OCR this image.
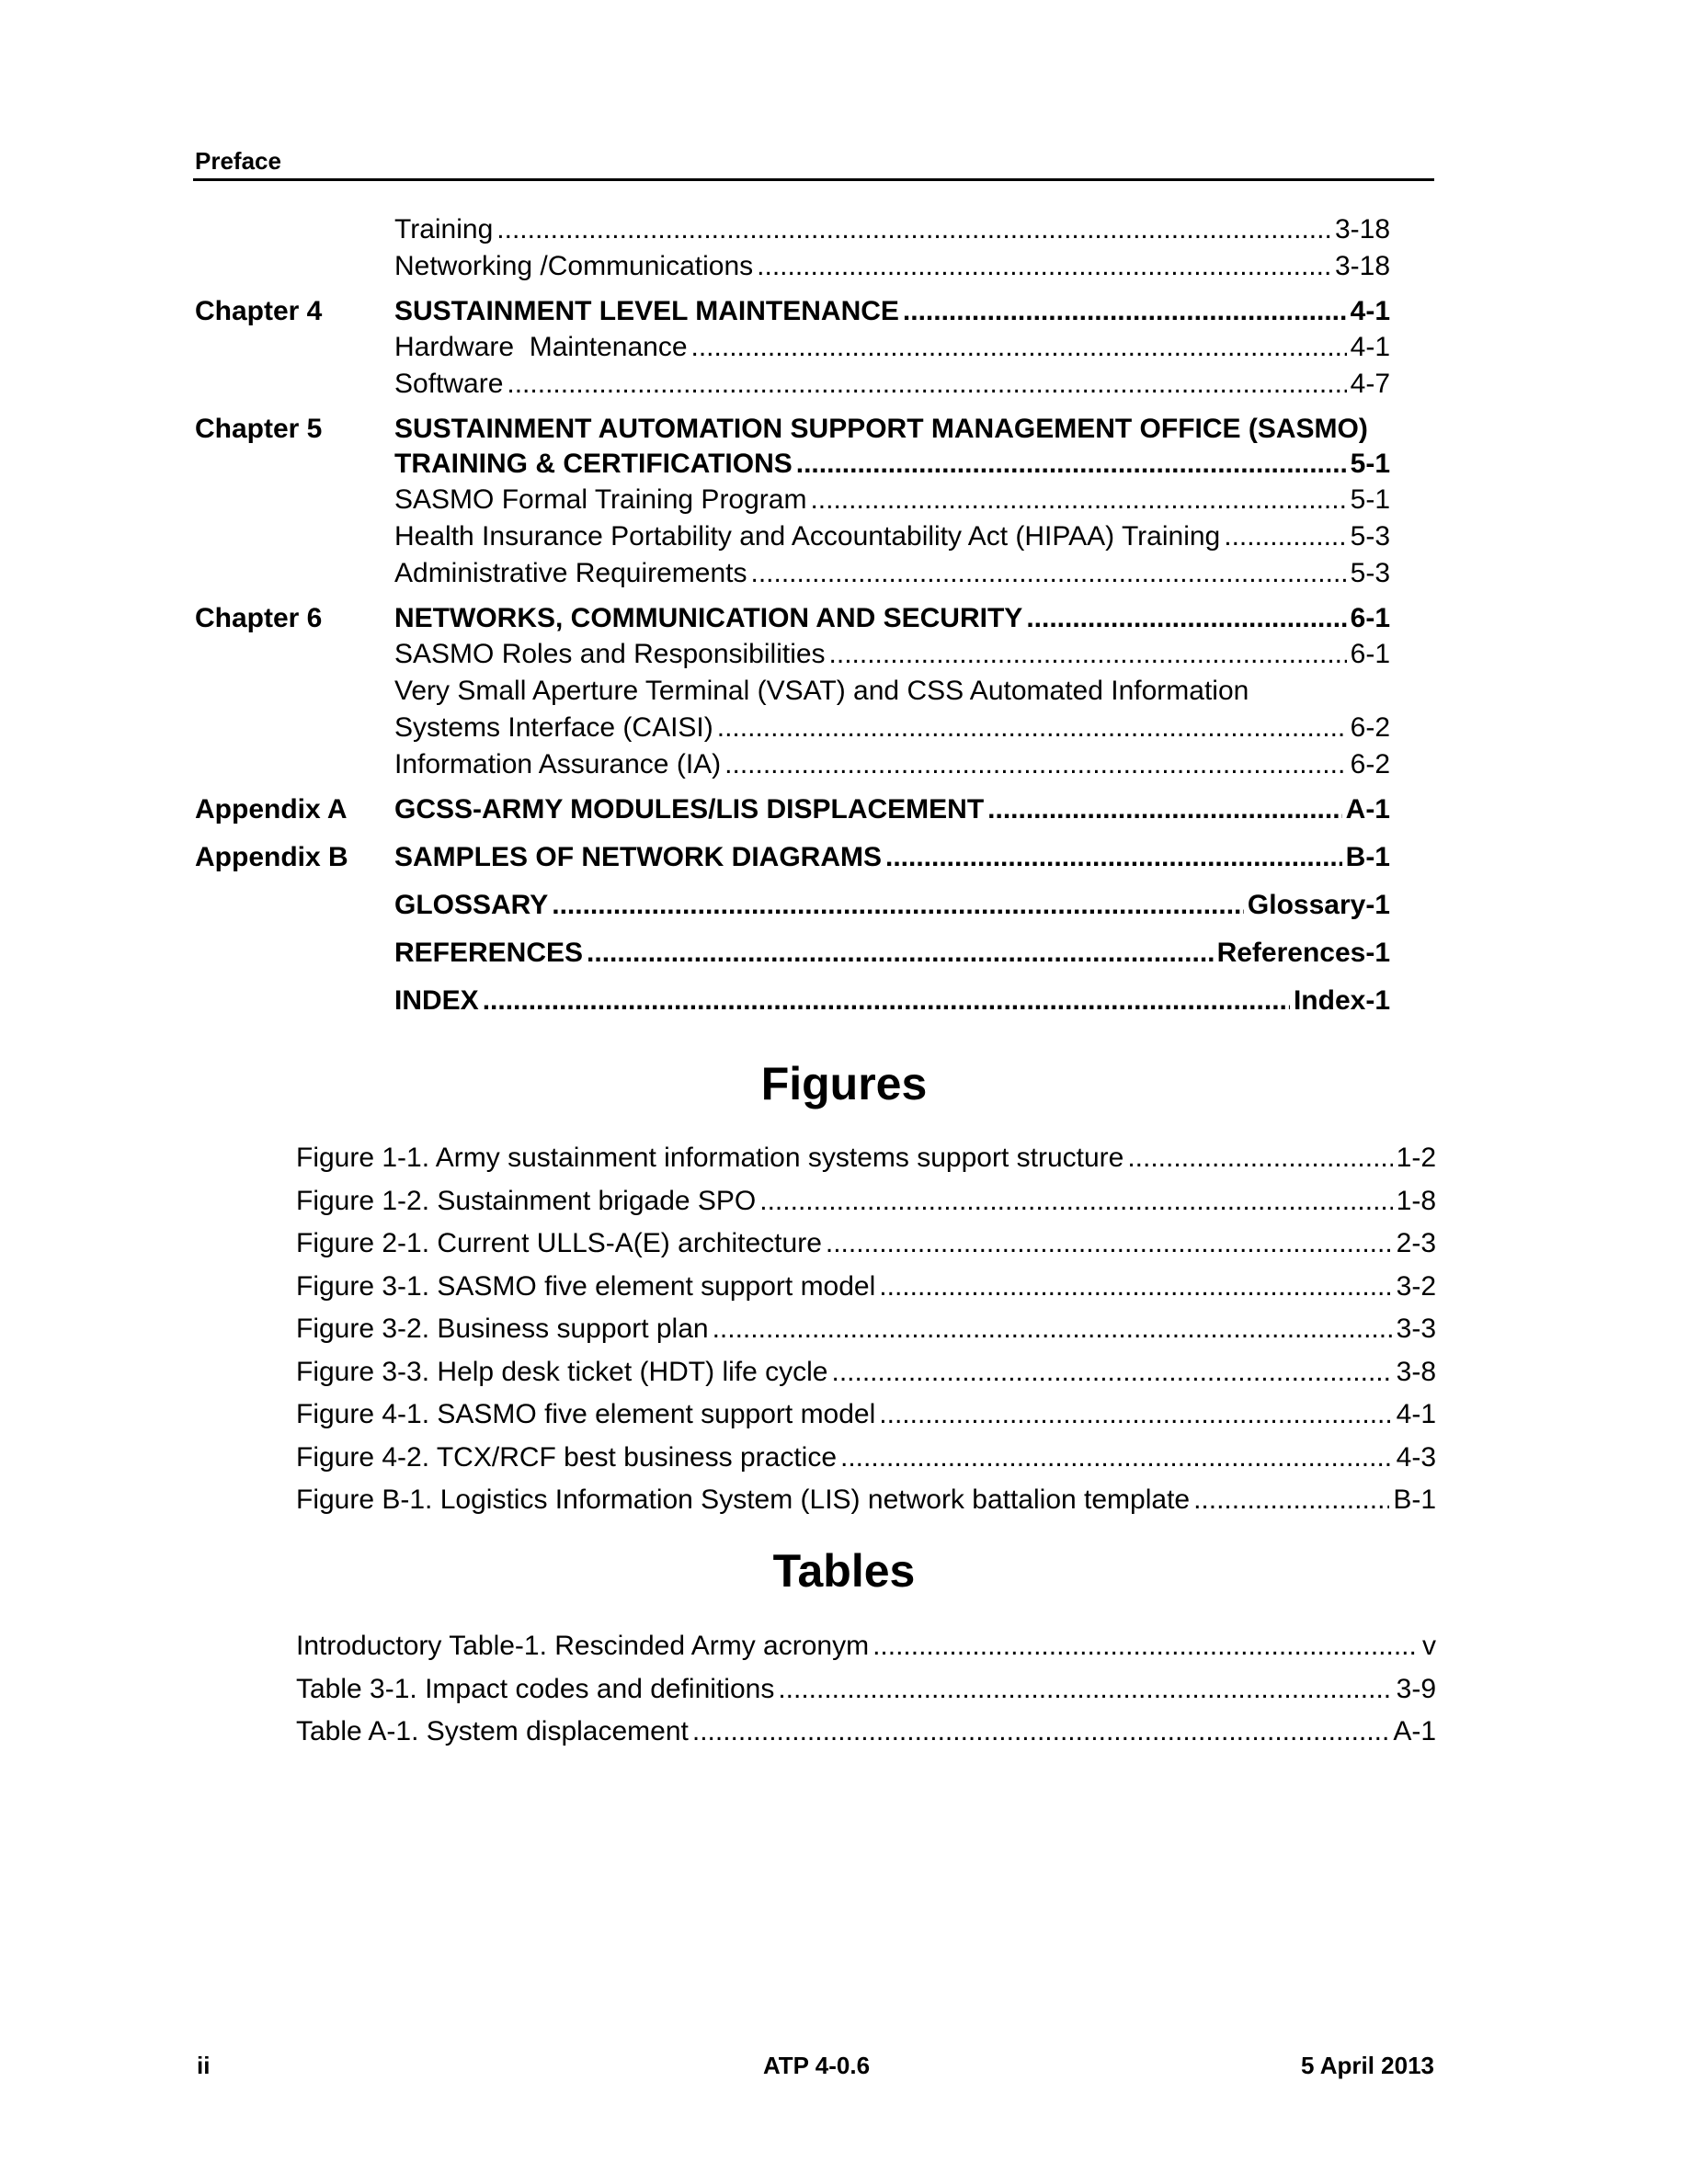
Preface
Training .....	3-18
Networking /Communications .....	3-18
Chapter 4	SUSTAINMENT LEVEL MAINTENANCE .....	4-1
Hardware  Maintenance .....	4-1
Software .....	4-7
Chapter 5	SUSTAINMENT AUTOMATION SUPPORT MANAGEMENT OFFICE (SASMO)
TRAINING & CERTIFICATIONS .....	5-1
SASMO Formal Training Program .....	5-1
Health Insurance Portability and Accountability Act (HIPAA) Training .....	5-3
Administrative Requirements .....	5-3
Chapter 6	NETWORKS, COMMUNICATION AND SECURITY .....	6-1
SASMO Roles and Responsibilities .....	6-1
Very Small Aperture Terminal (VSAT) and CSS Automated Information
Systems Interface (CAISI) .....	6-2
Information Assurance (IA) .....	6-2
Appendix A GCSS-ARMY MODULES/LIS DISPLACEMENT .....	A-1
Appendix B SAMPLES OF NETWORK DIAGRAMS .....	B-1
GLOSSARY .....	Glossary-1
REFERENCES .....	References-1
INDEX .....	Index-1
Figures
Figure 1-1. Army sustainment information systems support structure .....	1-2
Figure 1-2. Sustainment brigade SPO .....	1-8
Figure 2-1. Current ULLS-A(E) architecture .....	2-3
Figure 3-1. SASMO five element support model .....	3-2
Figure 3-2. Business support plan .....	3-3
Figure 3-3. Help desk ticket (HDT) life cycle .....	3-8
Figure 4-1. SASMO five element support model .....	4-1
Figure 4-2. TCX/RCF best business practice .....	4-3
Figure B-1. Logistics Information System (LIS) network battalion template .....	B-1
Tables
Introductory Table-1. Rescinded Army acronym .....	v
Table 3-1. Impact codes and definitions .....	3-9
Table A-1. System displacement .....	A-1
ii	ATP 4-0.6	5 April 2013
